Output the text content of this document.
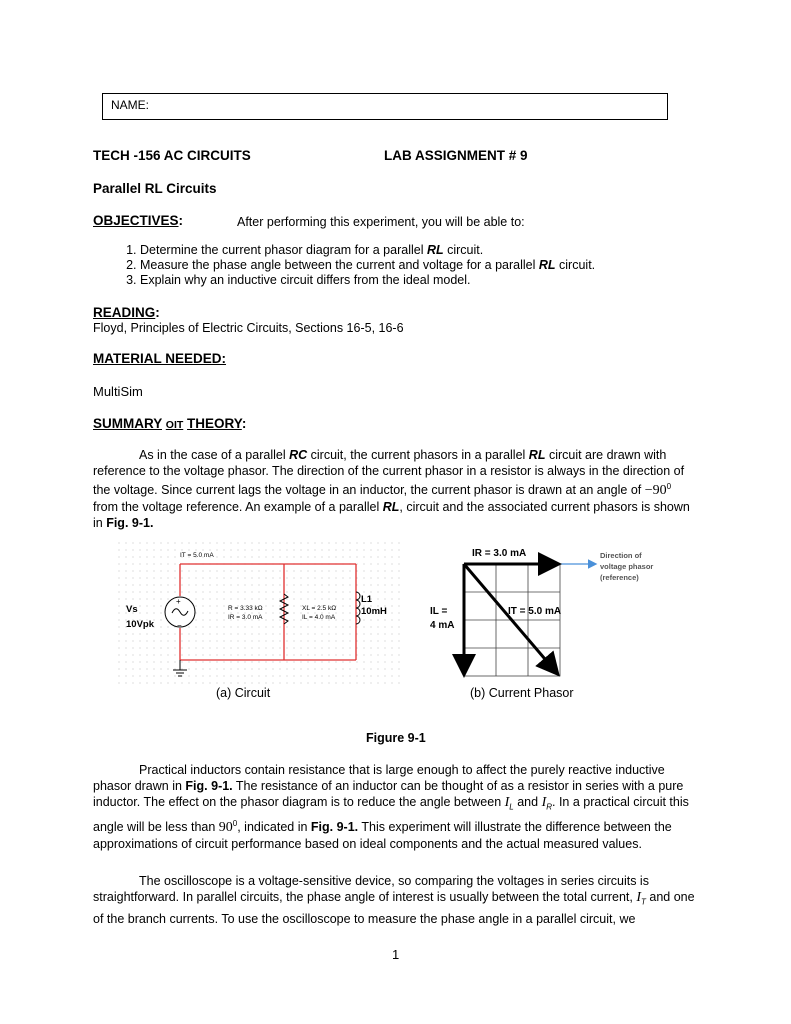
NAME:
TECH -156 AC CIRCUITS	LAB ASSIGNMENT # 9
Parallel RL Circuits
OBJECTIVES:	After performing this experiment, you will be able to:
1. Determine the current phasor diagram for a parallel RL circuit.
2. Measure the phase angle between the current and voltage for a parallel RL circuit.
3. Explain why an inductive circuit differs from the ideal model.
READING:
Floyd, Principles of Electric Circuits, Sections 16-5, 16-6
MATERIAL NEEDED:
MultiSim
SUMMARY OIT THEORY:
As in the case of a parallel RC circuit, the current phasors in a parallel RL circuit are drawn with reference to the voltage phasor. The direction of the current phasor in a resistor is always in the direction of the voltage. Since current lags the voltage in an inductor, the current phasor is drawn at an angle of $-90^0$ from the voltage reference. An example of a parallel RL, circuit and the associated current phasors is shown in Fig. 9-1.
+
−
IT = 5.0 mA
Vs
10Vpk
R = 3.33 kΩ
IR = 3.0 mA
XL = 2.5 kΩ
IL = 4.0 mA
L1
10mH
IR = 3.0 mA
IL =
4 mA
IT = 5.0 mA
Direction of
voltage phasor
(reference)
(a) Circuit	(b) Current Phasor
Figure 9-1
Practical inductors contain resistance that is large enough to affect the purely reactive inductive phasor drawn in Fig. 9-1. The resistance of an inductor can be thought of as a resistor in series with a pure inductor. The effect on the phasor diagram is to reduce the angle between $I_L$ and $I_R$. In a practical circuit this angle will be less than $90^0$, indicated in Fig. 9-1. This experiment will illustrate the difference between the approximations of circuit performance based on ideal components and the actual measured values.
The oscilloscope is a voltage-sensitive device, so comparing the voltages in series circuits is straightforward. In parallel circuits, the phase angle of interest is usually between the total current, $I_T$ and one of the branch currents. To use the oscilloscope to measure the phase angle in a parallel circuit, we
1
